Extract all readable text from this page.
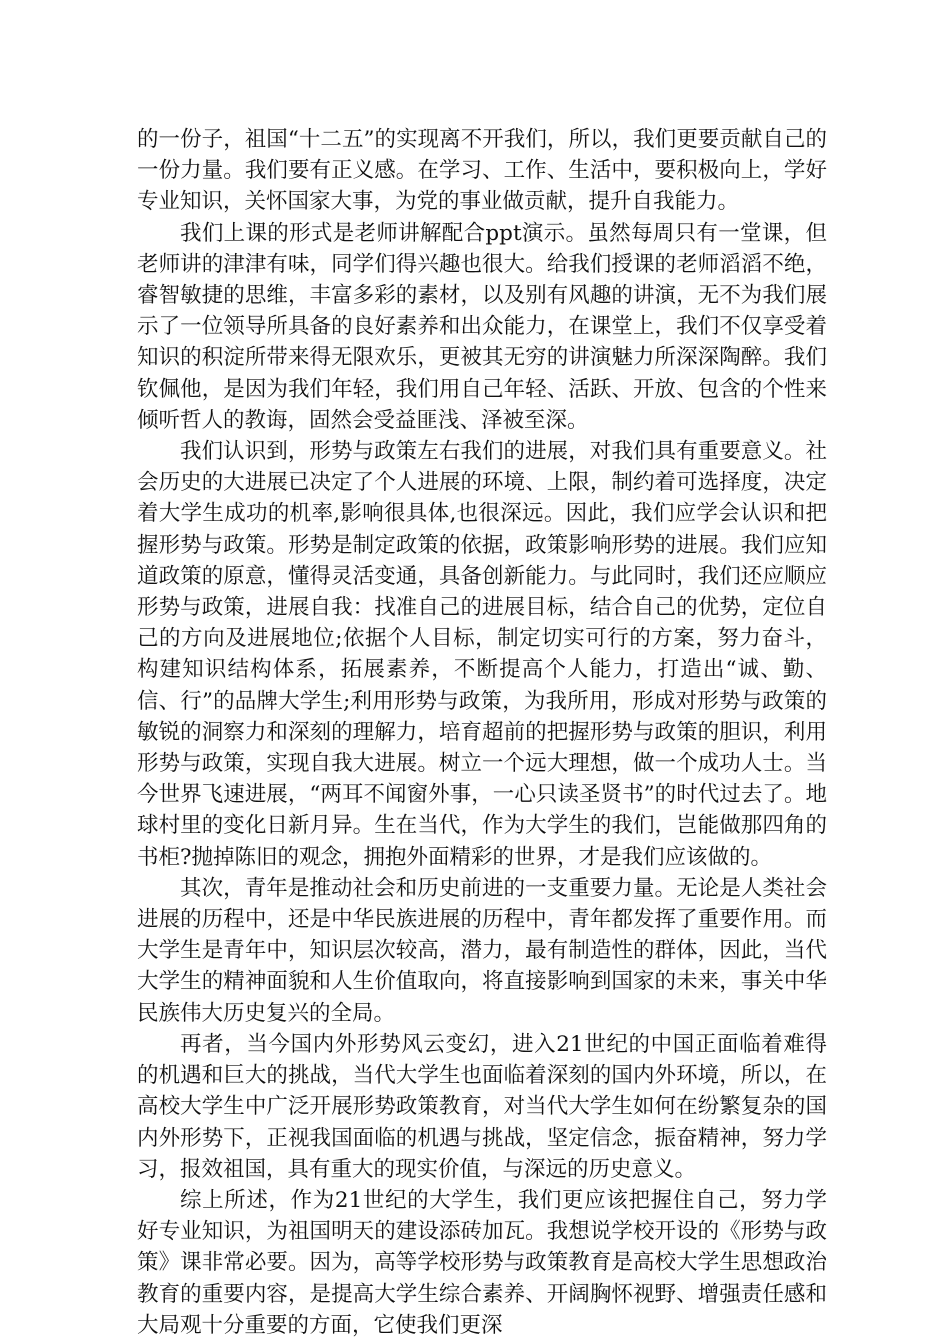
的一份子，祖国“十二五”的实现离不开我们，所以，我们更要贡献自己的一份力量。我们要有正义感。在学习、工作、生活中，要积极向上，学好专业知识，关怀国家大事，为党的事业做贡献，提升自我能力。

我们上课的形式是老师讲解配合ppt演示。虽然每周只有一堂课，但老师讲的津津有味，同学们得兴趣也很大。给我们授课的老师滔滔不绝，睿智敏捷的思维，丰富多彩的素材，以及别有风趣的讲演，无不为我们展示了一位领导所具备的良好素养和出众能力，在课堂上，我们不仅享受着知识的积淀所带来得无限欢乐，更被其无穷的讲演魅力所深深陶醉。我们钦佩他，是因为我们年轻，我们用自己年轻、活跃、开放、包含的个性来倾听哲人的教诲，固然会受益匪浅、泽被至深。

我们认识到，形势与政策左右我们的进展，对我们具有重要意义。社会历史的大进展已决定了个人进展的环境、上限，制约着可选择度，决定着大学生成功的机率,影响很具体,也很深远。因此，我们应学会认识和把握形势与政策。形势是制定政策的依据，政策影响形势的进展。我们应知道政策的原意，懂得灵活变通，具备创新能力。与此同时，我们还应顺应形势与政策，进展自我：找准自己的进展目标，结合自己的优势，定位自己的方向及进展地位;依据个人目标，制定切实可行的方案，努力奋斗，构建知识结构体系，拓展素养，不断提高个人能力，打造出“诚、勤、信、行”的品牌大学生;利用形势与政策，为我所用，形成对形势与政策的敏锐的洞察力和深刻的理解力，培育超前的把握形势与政策的胆识，利用形势与政策，实现自我大进展。树立一个远大理想，做一个成功人士。当今世界飞速进展，“两耳不闻窗外事，一心只读圣贤书”的时代过去了。地球村里的变化日新月异。生在当代，作为大学生的我们，岂能做那四角的书柜?抛掉陈旧的观念，拥抱外面精彩的世界，才是我们应该做的。

其次，青年是推动社会和历史前进的一支重要力量。无论是人类社会进展的历程中，还是中华民族进展的历程中，青年都发挥了重要作用。而大学生是青年中，知识层次较高，潜力，最有制造性的群体，因此，当代大学生的精神面貌和人生价值取向，将直接影响到国家的未来，事关中华民族伟大历史复兴的全局。

再者，当今国内外形势风云变幻，进入21世纪的中国正面临着难得的机遇和巨大的挑战，当代大学生也面临着深刻的国内外环境，所以，在高校大学生中广泛开展形势政策教育，对当代大学生如何在纷繁复杂的国内外形势下，正视我国面临的机遇与挑战，坚定信念，振奋精神，努力学习，报效祖国，具有重大的现实价值，与深远的历史意义。

综上所述，作为21世纪的大学生，我们更应该把握住自己，努力学好专业知识，为祖国明天的建设添砖加瓦。我想说学校开设的《形势与政策》课非常必要。因为，高等学校形势与政策教育是高校大学生思想政治教育的重要内容，是提高大学生综合素养、开阔胸怀视野、增强责任感和大局观十分重要的方面，它使我们更深
